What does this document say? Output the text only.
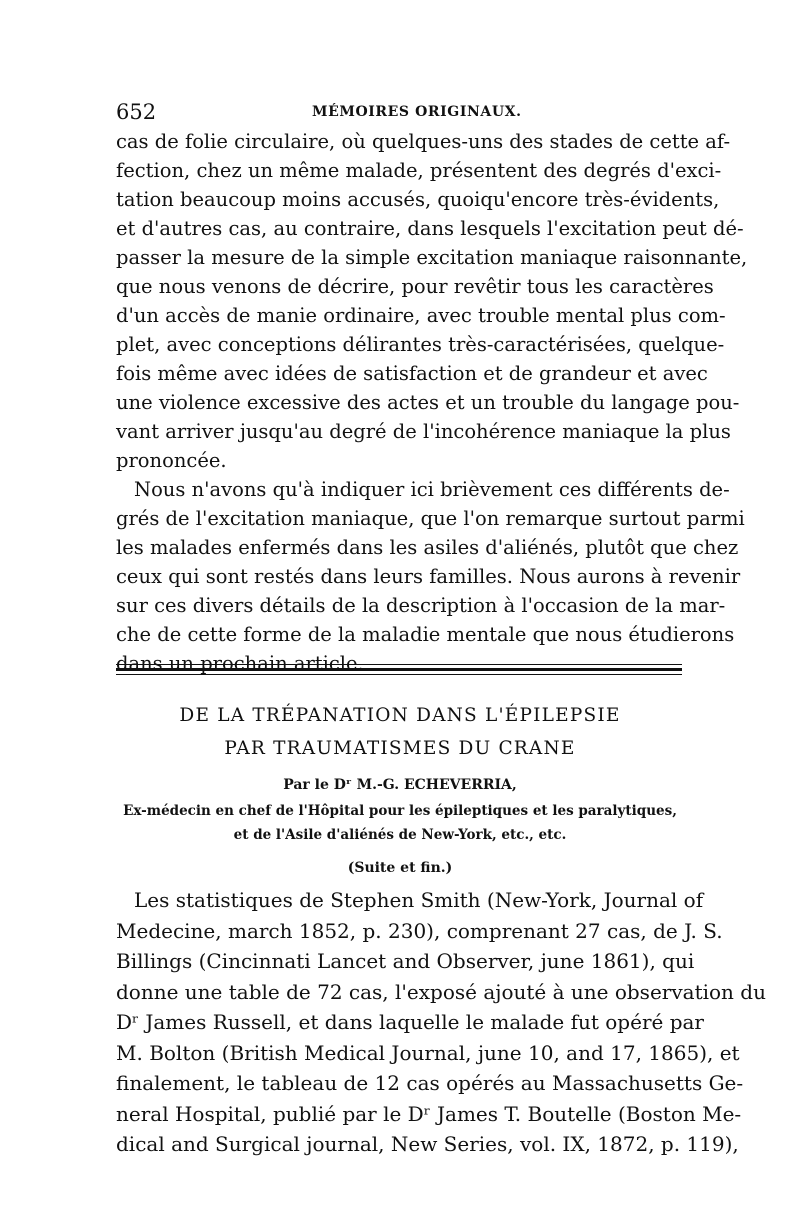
652	MÉMOIRES ORIGINAUX.
cas de folie circulaire, où quelques-uns des stades de cette af-
fection, chez un même malade, présentent des degrés d'exci-
tation beaucoup moins accusés, quoiqu'encore très-évidents,
et d'autres cas, au contraire, dans lesquels l'excitation peut dé-
passer la mesure de la simple excitation maniaque raisonnante,
que nous venons de décrire, pour revêtir tous les caractères
d'un accès de manie ordinaire, avec trouble mental plus com-
plet, avec conceptions délirantes très-caractérisées, quelque-
fois même avec idées de satisfaction et de grandeur et avec
une violence excessive des actes et un trouble du langage pou-
vant arriver jusqu'au degré de l'incohérence maniaque la plus
prononcée.
Nous n'avons qu'à indiquer ici brièvement ces différents de-
grés de l'excitation maniaque, que l'on remarque surtout parmi
les malades enfermés dans les asiles d'aliénés, plutôt que chez
ceux qui sont restés dans leurs familles. Nous aurons à revenir
sur ces divers détails de la description à l'occasion de la mar-
che de cette forme de la maladie mentale que nous étudierons
dans un prochain article.
DE LA TRÉPANATION DANS L'ÉPILEPSIE
PAR TRAUMATISMES DU CRANE
Par le Dʳ M.-G. ECHEVERRIA,
Ex-médecin en chef de l'Hôpital pour les épileptiques et les paralytiques,
et de l'Asile d'aliénés de New-York, etc., etc.
(Suite et fin.)
Les statistiques de Stephen Smith (New-York, Journal of
Medecine, march 1852, p. 230), comprenant 27 cas, de J. S.
Billings (Cincinnati Lancet and Observer, june 1861), qui
donne une table de 72 cas, l'exposé ajouté à une observation du
Dʳ James Russell, et dans laquelle le malade fut opéré par
M. Bolton (British Medical Journal, june 10, and 17, 1865), et
finalement, le tableau de 12 cas opérés au Massachusetts Ge-
neral Hospital, publié par le Dʳ James T. Boutelle (Boston Me-
dical and Surgical journal, New Series, vol. IX, 1872, p. 119),
